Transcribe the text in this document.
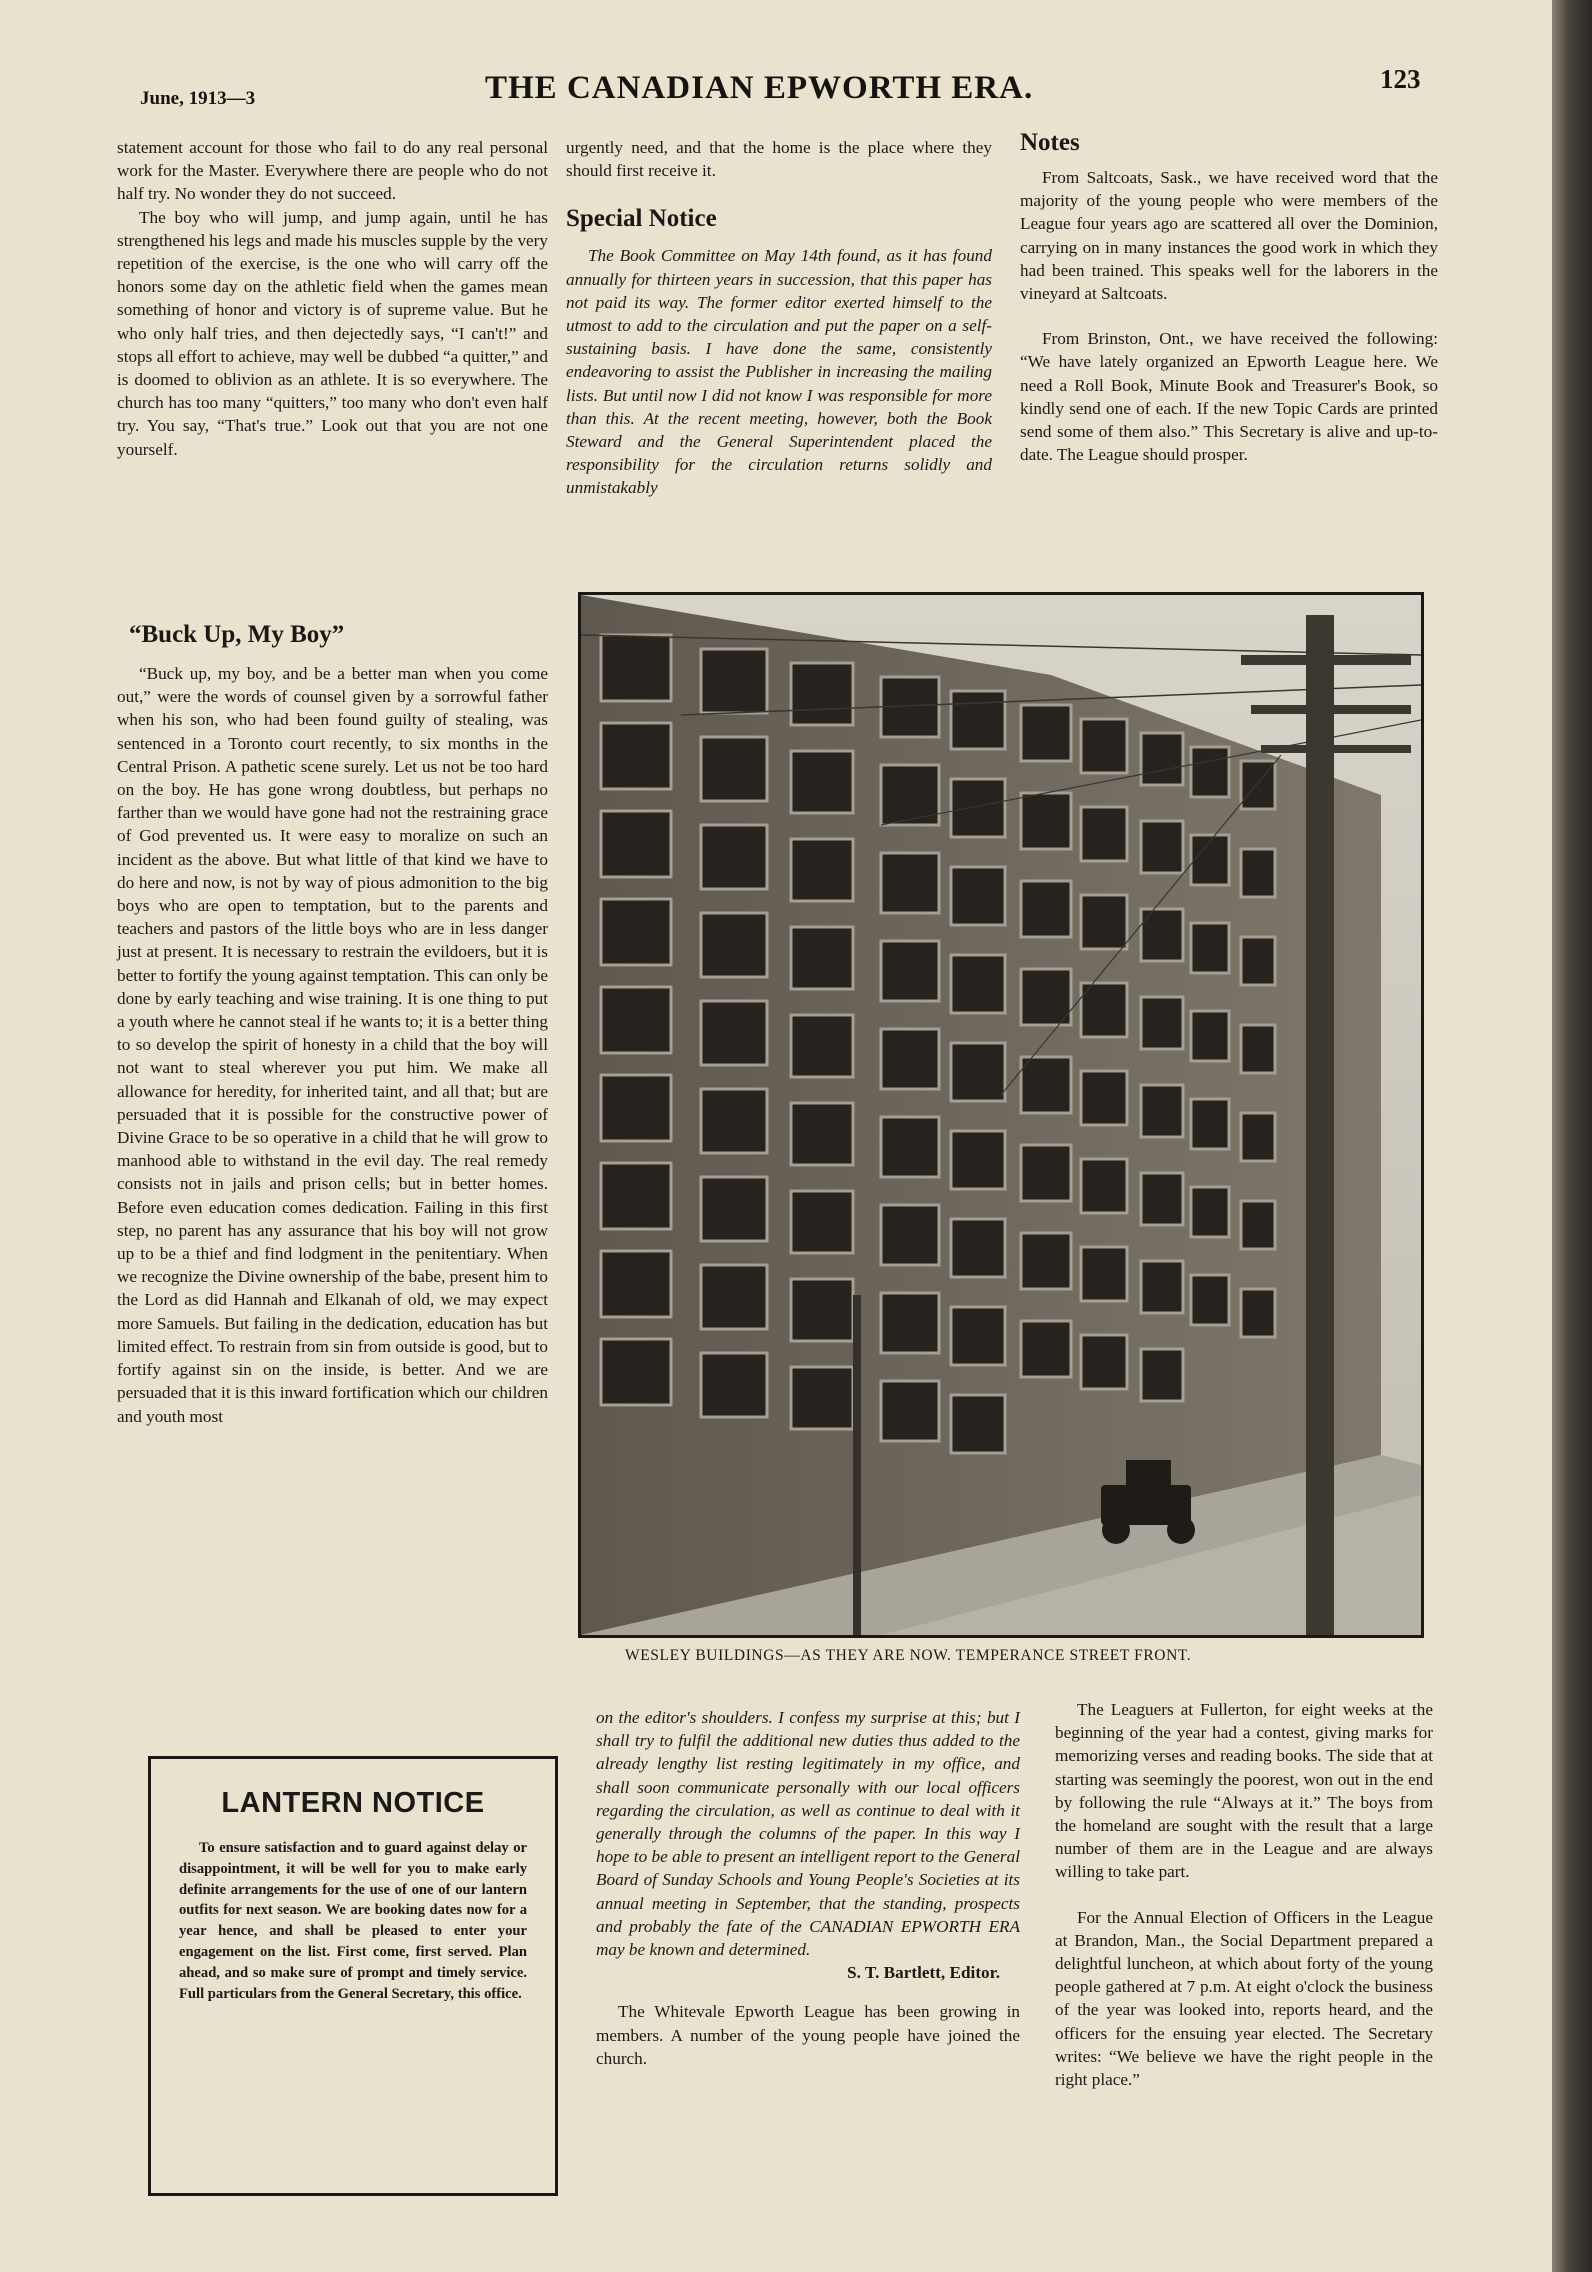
June, 1913—3	THE CANADIAN EPWORTH ERA.	123

statement account for those who fail to do any real personal work for the Master. Everywhere there are people who do not half try. No wonder they do not succeed.

The boy who will jump, and jump again, until he has strengthened his legs and made his muscles supple by the very repetition of the exercise, is the one who will carry off the honors some day on the athletic field when the games mean something of honor and victory is of supreme value. But he who only half tries, and then dejectedly says, “I can't!” and stops all effort to achieve, may well be dubbed “a quitter,” and is doomed to oblivion as an athlete. It is so everywhere. The church has too many “quitters,” too many who don't even half try. You say, “That's true.” Look out that you are not one yourself.

“Buck Up, My Boy”

“Buck up, my boy, and be a better man when you come out,” were the words of counsel given by a sorrowful father when his son, who had been found guilty of stealing, was sentenced in a Toronto court recently, to six months in the Central Prison. A pathetic scene surely. Let us not be too hard on the boy. He has gone wrong doubtless, but perhaps no farther than we would have gone had not the restraining grace of God prevented us. It were easy to moralize on such an incident as the above. But what little of that kind we have to do here and now, is not by way of pious admonition to the big boys who are open to temptation, but to the parents and teachers and pastors of the little boys who are in less danger just at present. It is necessary to restrain the evildoers, but it is better to fortify the young against temptation. This can only be done by early teaching and wise training. It is one thing to put a youth where he cannot steal if he wants to; it is a better thing to so develop the spirit of honesty in a child that the boy will not want to steal wherever you put him. We make all allowance for heredity, for inherited taint, and all that; but are persuaded that it is possible for the constructive power of Divine Grace to be so operative in a child that he will grow to manhood able to withstand in the evil day. The real remedy consists not in jails and prison cells; but in better homes. Before even education comes dedication. Failing in this first step, no parent has any assurance that his boy will not grow up to be a thief and find lodgment in the penitentiary. When we recognize the Divine ownership of the babe, present him to the Lord as did Hannah and Elkanah of old, we may expect more Samuels. But failing in the dedication, education has but limited effect. To restrain from sin from outside is good, but to fortify against sin on the inside, is better. And we are persuaded that it is this inward fortification which our children and youth most

LANTERN NOTICE
To ensure satisfaction and to guard against delay or disappointment, it will be well for you to make early definite arrangements for the use of one of our lantern outfits for next season. We are booking dates now for a year hence, and shall be pleased to enter your engagement on the list. First come, first served. Plan ahead, and so make sure of prompt and timely service. Full particulars from the General Secretary, this office.

urgently need, and that the home is the place where they should first receive it.

Special Notice

The Book Committee on May 14th found, as it has found annually for thirteen years in succession, that this paper has not paid its way. The former editor exerted himself to the utmost to add to the circulation and put the paper on a self-sustaining basis. I have done the same, consistently endeavoring to assist the Publisher in increasing the mailing lists. But until now I did not know I was responsible for more than this. At the recent meeting, however, both the Book Steward and the General Superintendent placed the responsibility for the circulation returns solidly and unmistakably

Notes

From Saltcoats, Sask., we have received word that the majority of the young people who were members of the League four years ago are scattered all over the Dominion, carrying on in many instances the good work in which they had been trained. This speaks well for the laborers in the vineyard at Saltcoats.

From Brinston, Ont., we have received the following: “We have lately organized an Epworth League here. We need a Roll Book, Minute Book and Treasurer's Book, so kindly send one of each. If the new Topic Cards are printed send some of them also.” This Secretary is alive and up-to-date. The League should prosper.

WESLEY BUILDINGS—AS THEY ARE NOW. TEMPERANCE STREET FRONT.

on the editor's shoulders. I confess my surprise at this; but I shall try to fulfil the additional new duties thus added to the already lengthy list resting legitimately in my office, and shall soon communicate personally with our local officers regarding the circulation, as well as continue to deal with it generally through the columns of the paper. In this way I hope to be able to present an intelligent report to the General Board of Sunday Schools and Young People's Societies at its annual meeting in September, that the standing, prospects and probably the fate of the CANADIAN EPWORTH ERA may be known and determined.

S. T. Bartlett, Editor.

The Whitevale Epworth League has been growing in members. A number of the young people have joined the church.

The Leaguers at Fullerton, for eight weeks at the beginning of the year had a contest, giving marks for memorizing verses and reading books. The side that at starting was seemingly the poorest, won out in the end by following the rule “Always at it.” The boys from the homeland are sought with the result that a large number of them are in the League and are always willing to take part.

For the Annual Election of Officers in the League at Brandon, Man., the Social Department prepared a delightful luncheon, at which about forty of the young people gathered at 7 p.m. At eight o'clock the business of the year was looked into, reports heard, and the officers for the ensuing year elected. The Secretary writes: “We believe we have the right people in the right place.”
